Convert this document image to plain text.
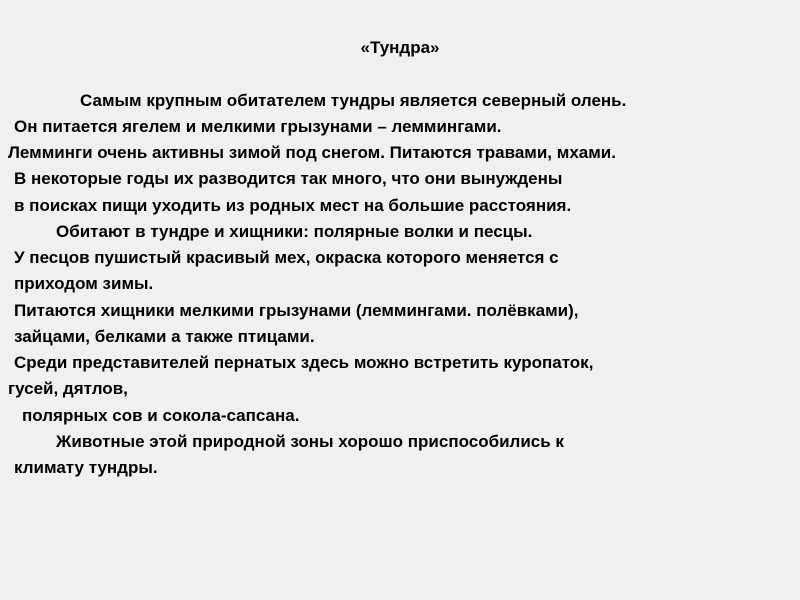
«Тундра»
Самым крупным обитателем тундры является северный олень.
Он питается ягелем и мелкими грызунами – леммингами.
Лемминги очень активны зимой под снегом. Питаются травами, мхами.
В некоторые годы их разводится так много, что они вынуждены
в поисках пищи уходить из родных мест на большие расстояния.
Обитают в тундре и хищники: полярные волки и песцы.
У песцов пушистый красивый мех, окраска которого меняется с
приходом зимы.
Питаются хищники мелкими грызунами (леммингами. полёвками),
зайцами, белками а также птицами.
Среди представителей пернатых здесь можно встретить куропаток,
гусей, дятлов,
полярных сов и сокола-сапсана.
Животные этой природной зоны хорошо приспособились к
климату тундры.
